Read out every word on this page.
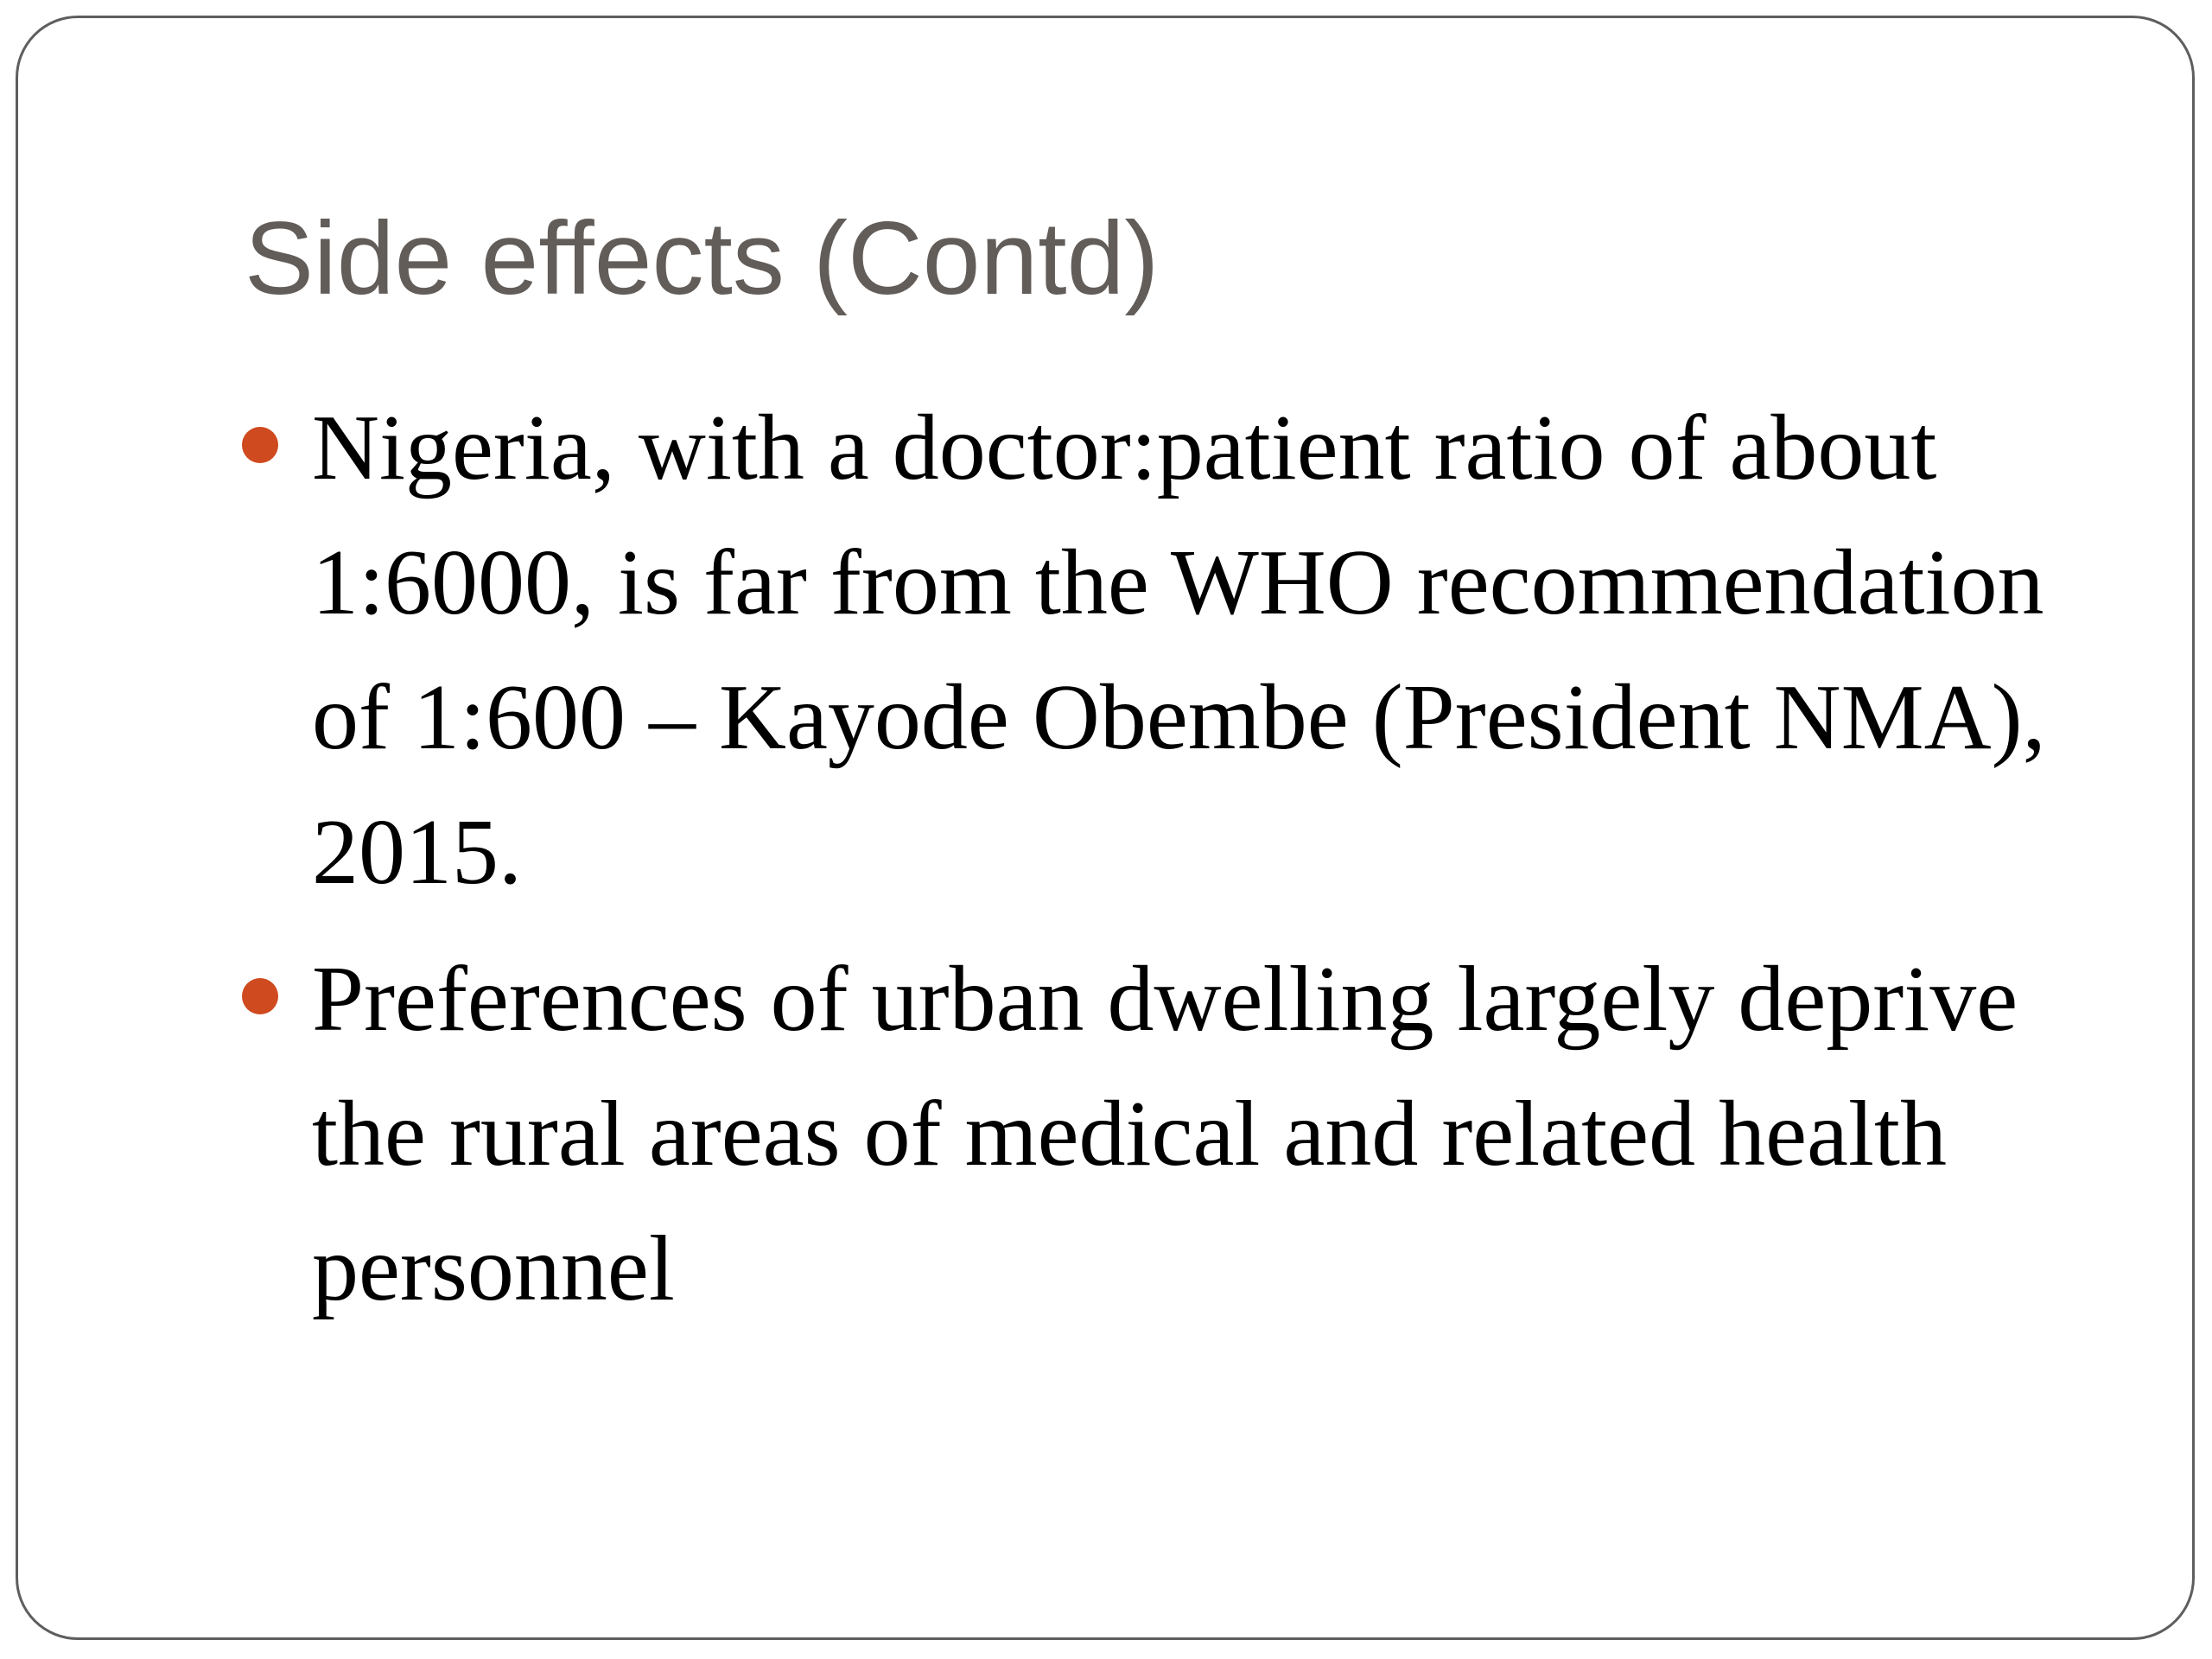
Side effects (Contd)
Nigeria, with a doctor:patient ratio of about 1:6000, is far from the WHO recommendation of 1:600 – Kayode Obembe (President NMA), 2015.
Preferences of urban dwelling largely deprive the rural areas of medical and related health personnel
